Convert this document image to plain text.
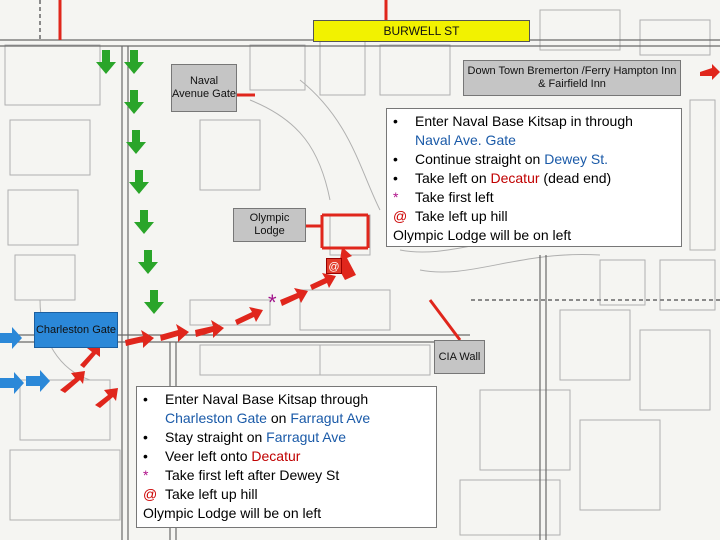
BURWELL ST
Naval Avenue Gate
Down Town Bremerton /Ferry Hampton Inn & Fairfield Inn
Olympic Lodge
Charleston Gate
CIA Wall
@
*
•	Enter Naval Base Kitsap in through
Naval Ave. Gate
•	Continue straight on Dewey St.
•	Take left on Decatur (dead end)
*	Take first left
@ Take left up hill
Olympic Lodge will be on left
•	Enter Naval Base Kitsap through
Charleston Gate on Farragut Ave
•	Stay straight on Farragut Ave
•	Veer left onto Decatur
*	Take first left after Dewey St
@ Take left up hill
Olympic Lodge will be on left
